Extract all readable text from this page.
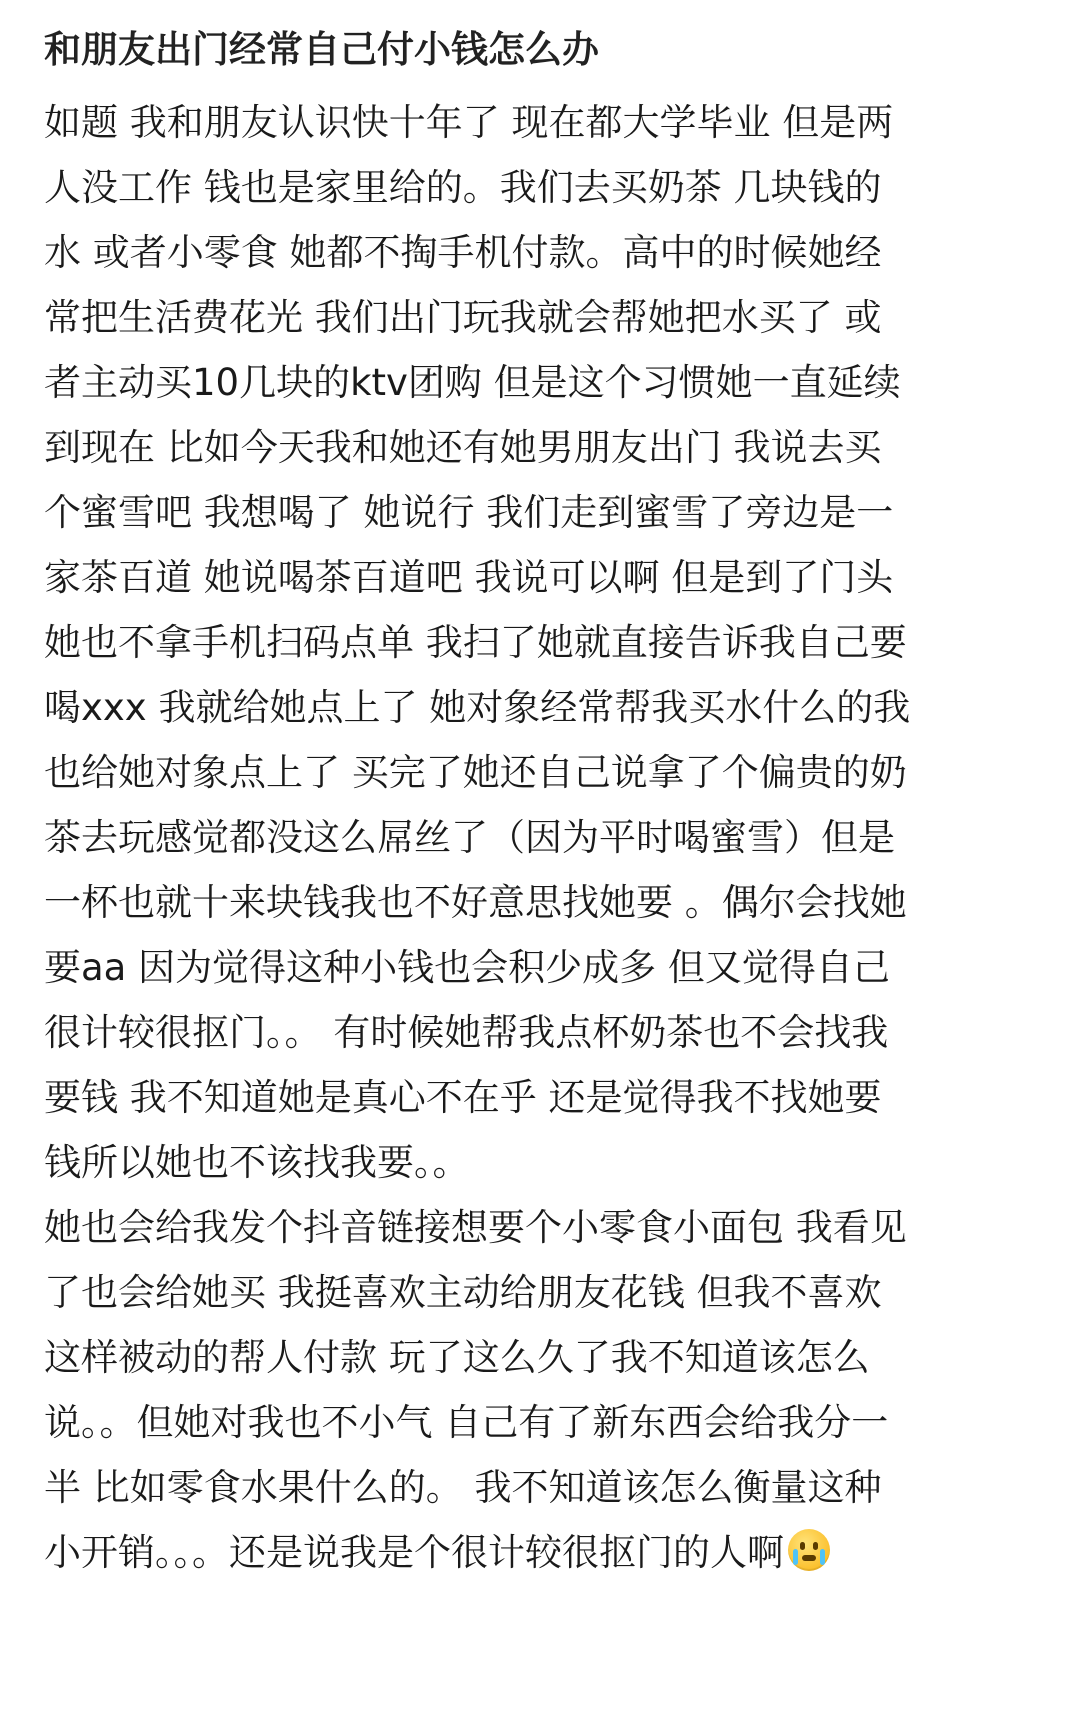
和朋友出门经常自己付小钱怎么办
如题 我和朋友认识快十年了 现在都大学毕业 但是两
人没工作 钱也是家里给的。我们去买奶茶 几块钱的
水 或者小零食 她都不掏手机付款。高中的时候她经
常把生活费花光 我们出门玩我就会帮她把水买了 或
者主动买10几块的ktv团购 但是这个习惯她一直延续
到现在 比如今天我和她还有她男朋友出门 我说去买
个蜜雪吧 我想喝了 她说行 我们走到蜜雪了旁边是一
家茶百道 她说喝茶百道吧 我说可以啊 但是到了门头
她也不拿手机扫码点单 我扫了她就直接告诉我自己要
喝xxx 我就给她点上了 她对象经常帮我买水什么的我
也给她对象点上了 买完了她还自己说拿了个偏贵的奶
茶去玩感觉都没这么屌丝了（因为平时喝蜜雪）但是
一杯也就十来块钱我也不好意思找她要 。偶尔会找她
要aa 因为觉得这种小钱也会积少成多 但又觉得自己
很计较很抠门。。 有时候她帮我点杯奶茶也不会找我
要钱 我不知道她是真心不在乎 还是觉得我不找她要
钱所以她也不该找我要。。
她也会给我发个抖音链接想要个小零食小面包 我看见
了也会给她买 我挺喜欢主动给朋友花钱 但我不喜欢
这样被动的帮人付款 玩了这么久了我不知道该怎么
说。。但她对我也不小气 自己有了新东西会给我分一
半 比如零食水果什么的。 我不知道该怎么衡量这种
小开销。。。还是说我是个很计较很抠门的人啊
